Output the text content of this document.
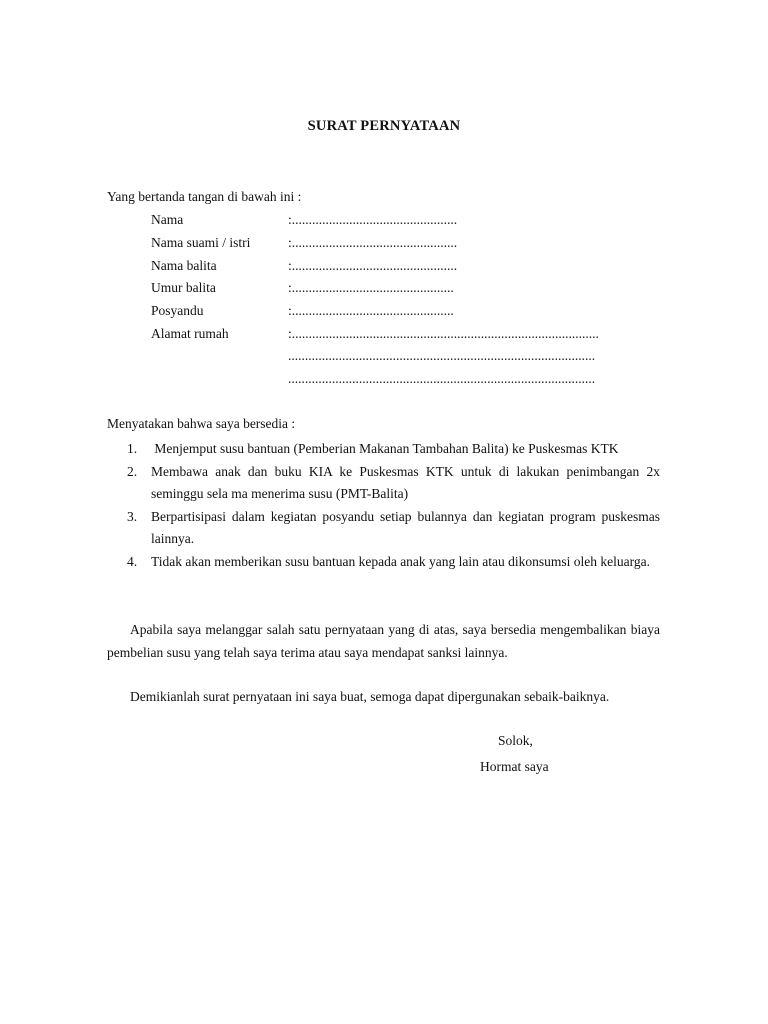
SURAT PERNYATAAN
Yang bertanda tangan di bawah ini :
Nama	:.................................................
Nama suami / istri	:.................................................
Nama balita	:.................................................
Umur balita	:................................................
Posyandu	:................................................
Alamat rumah	:...........................................................................................
...........................................................................................
...........................................................................................
Menyatakan bahwa saya bersedia :
1.	Menjemput susu bantuan (Pemberian Makanan Tambahan Balita) ke Puskesmas KTK
2.	Membawa anak dan buku KIA ke Puskesmas KTK untuk di lakukan penimbangan 2x seminggu sela ma menerima susu (PMT-Balita)
3.	Berpartisipasi dalam kegiatan posyandu setiap bulannya dan kegiatan program puskesmas lainnya.
4.	Tidak akan memberikan susu bantuan kepada anak yang lain atau dikonsumsi oleh keluarga.

Apabila saya melanggar salah satu pernyataan yang di atas, saya bersedia mengembalikan biaya pembelian susu yang telah saya terima atau saya mendapat sanksi lainnya.

Demikianlah surat pernyataan ini saya buat, semoga dapat dipergunakan sebaik-baiknya.

Solok,
Hormat saya
